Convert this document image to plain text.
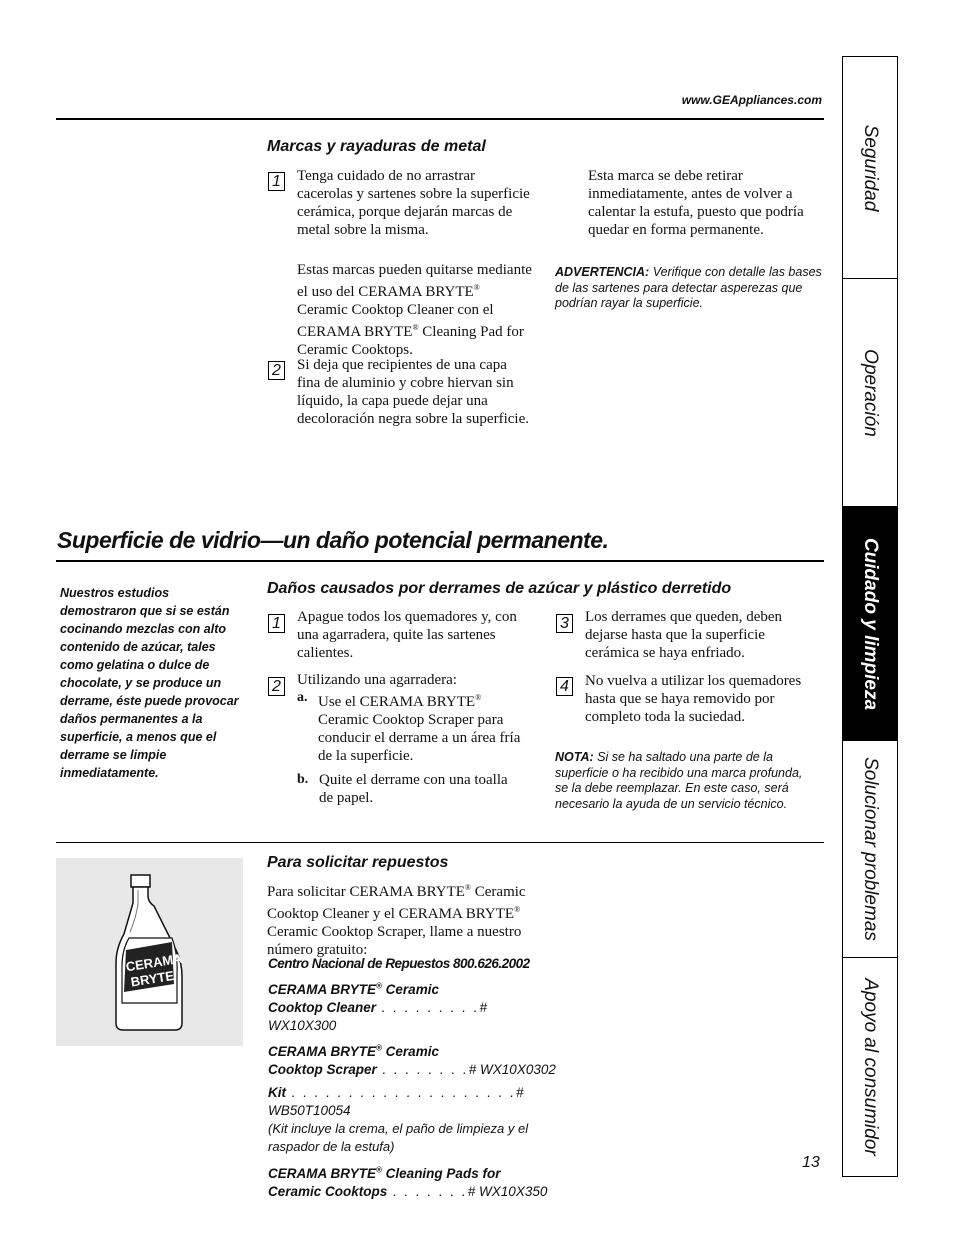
www.GEAppliances.com
Marcas y rayaduras de metal
1 Tenga cuidado de no arrastrar cacerolas y sartenes sobre la superficie cerámica, porque dejarán marcas de metal sobre la misma.
Estas marcas pueden quitarse mediante el uso del CERAMA BRYTE® Ceramic Cooktop Cleaner con el CERAMA BRYTE® Cleaning Pad for Ceramic Cooktops.
2 Si deja que recipientes de una capa fina de aluminio y cobre hiervan sin líquido, la capa puede dejar una decoloración negra sobre la superficie.
Esta marca se debe retirar inmediatamente, antes de volver a calentar la estufa, puesto que podría quedar en forma permanente.
ADVERTENCIA: Verifique con detalle las bases de las sartenes para detectar asperezas que podrían rayar la superficie.
Superficie de vidrio—un daño potencial permanente.
Nuestros estudios demostraron que si se están cocinando mezclas con alto contenido de azúcar, tales como gelatina o dulce de chocolate, y se produce un derrame, éste puede provocar daños permanentes a la superficie, a menos que el derrame se limpie inmediatamente.
Daños causados por derrames de azúcar y plástico derretido
1 Apague todos los quemadores y, con una agarradera, quite las sartenes calientes.
2 Utilizando una agarradera:
a. Use el CERAMA BRYTE® Ceramic Cooktop Scraper para conducir el derrame a un área fría de la superficie.
b. Quite el derrame con una toalla de papel.
3 Los derrames que queden, deben dejarse hasta que la superficie cerámica se haya enfriado.
4 No vuelva a utilizar los quemadores hasta que se haya removido por completo toda la suciedad.
NOTA: Si se ha saltado una parte de la superficie o ha recibido una marca profunda, se la debe reemplazar. En este caso, será necesario la ayuda de un servicio técnico.
CERAMA
BRYTE
Para solicitar repuestos
Para solicitar CERAMA BRYTE® Ceramic Cooktop Cleaner y el CERAMA BRYTE® Ceramic Cooktop Scraper, llame a nuestro número gratuito:
Centro Nacional de Repuestos 800.626.2002
CERAMA BRYTE® Ceramic
Cooktop Cleaner . . . . . . . . .# WX10X300
CERAMA BRYTE® Ceramic
Cooktop Scraper . . . . . . . .# WX10X0302
Kit . . . . . . . . . . . . . . . . . . . .# WB50T10054
(Kit incluye la crema, el paño de limpieza y el raspador de la estufa)
CERAMA BRYTE® Cleaning Pads for
Ceramic Cooktops . . . . . . .# WX10X350
13
Seguridad
Operación
Cuidado y limpieza
Solucionar problemas
Apoyo al consumidor
